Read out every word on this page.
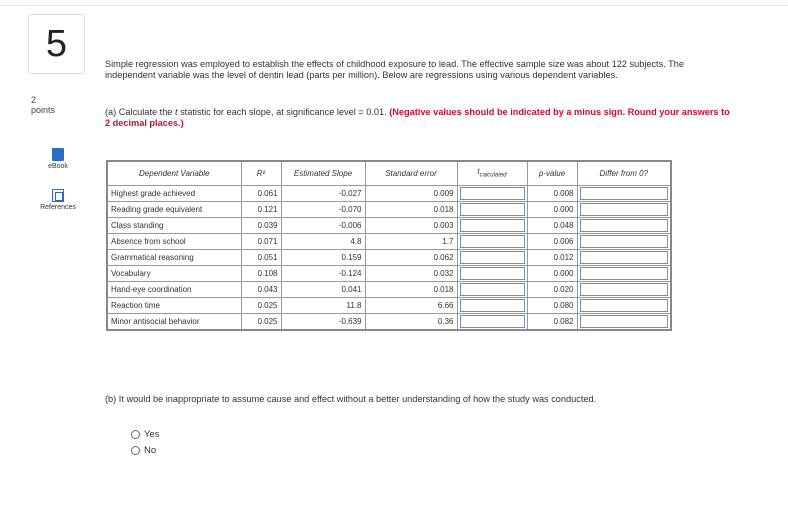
5
2
points
eBook
References
Simple regression was employed to establish the effects of childhood exposure to lead. The effective sample size was about 122 subjects. The independent variable was the level of dentin lead (parts per million). Below are regressions using various dependent variables.
(a) Calculate the t statistic for each slope, at significance level = 0.01. (Negative values should be indicated by a minus sign. Round your answers to 2 decimal places.)
Dependent Variable	R²	Estimated Slope	Standard error	$t_{calculated}$	p-value	Differ from 0?
Highest grade achieved	0.061	-0.027	0.009		0.008	

Reading grade equivalent	0.121	-0.070	0.018		0.000	

Class standing	0.039	-0.006	0.003		0.048	

Absence from school	0.071	4.8	1.7		0.006	

Grammatical reasoning	0.051	0.159	0.062		0.012	

Vocabulary	0.108	-0.124	0.032		0.000	

Hand-eye coordination	0.043	0.041	0.018		0.020	

Reaction time	0.025	11.8	6.66		0.080	

Minor antisocial behavior	0.025	-0.639	0.36		0.082	
(b) It would be inappropriate to assume cause and effect without a better understanding of how the study was conducted.
Yes
No
